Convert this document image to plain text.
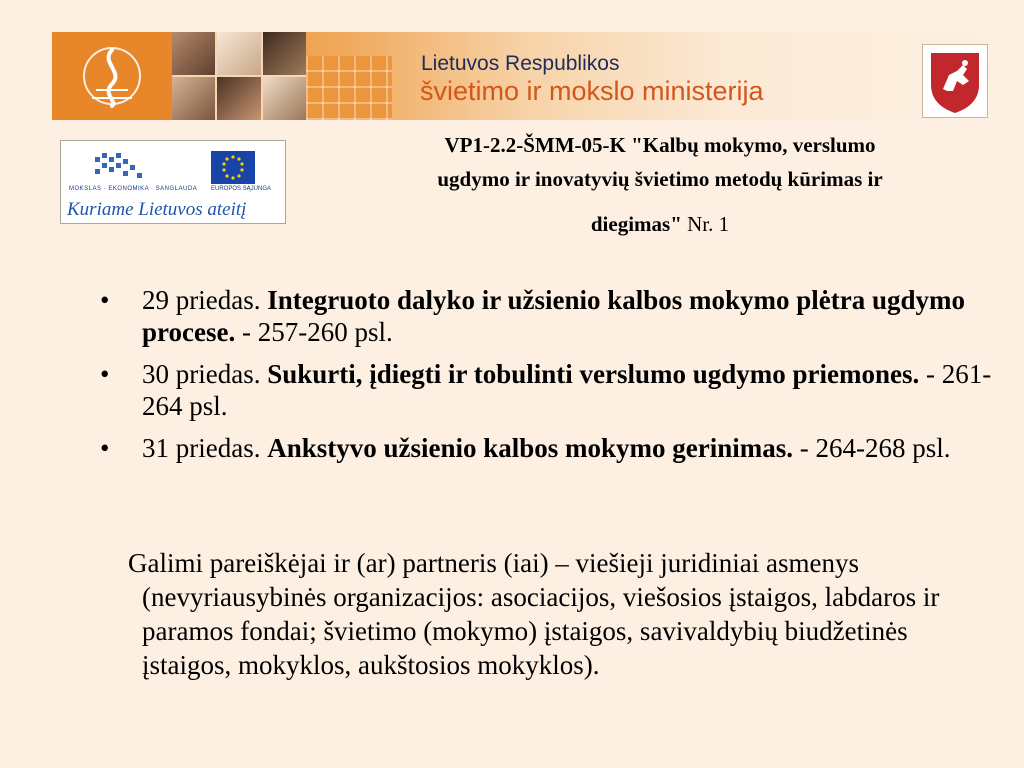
Lietuvos Respublikos
švietimo ir mokslo ministerija
MOKSLAS · EKONOMIKA · SANGLAUDA EUROPOS SĄJUNGA
Kuriame Lietuvos ateitį
VP1-2.2-ŠMM-05-K "Kalbų mokymo, verslumo
ugdymo ir inovatyvių švietimo metodų kūrimas ir
diegimas" Nr. 1
• 29 priedas. Integruoto dalyko ir užsienio kalbos mokymo plėtra ugdymo procese. - 257-260 psl.
• 30 priedas. Sukurti, įdiegti ir tobulinti verslumo ugdymo priemones. - 261-264 psl.
• 31 priedas. Ankstyvo užsienio kalbos mokymo gerinimas. - 264-268 psl.
Galimi pareiškėjai ir (ar) partneris (iai) – viešieji juridiniai asmenys (nevyriausybinės organizacijos: asociacijos, viešosios įstaigos, labdaros ir paramos fondai; švietimo (mokymo) įstaigos, savivaldybių biudžetinės įstaigos, mokyklos, aukštosios mokyklos).
